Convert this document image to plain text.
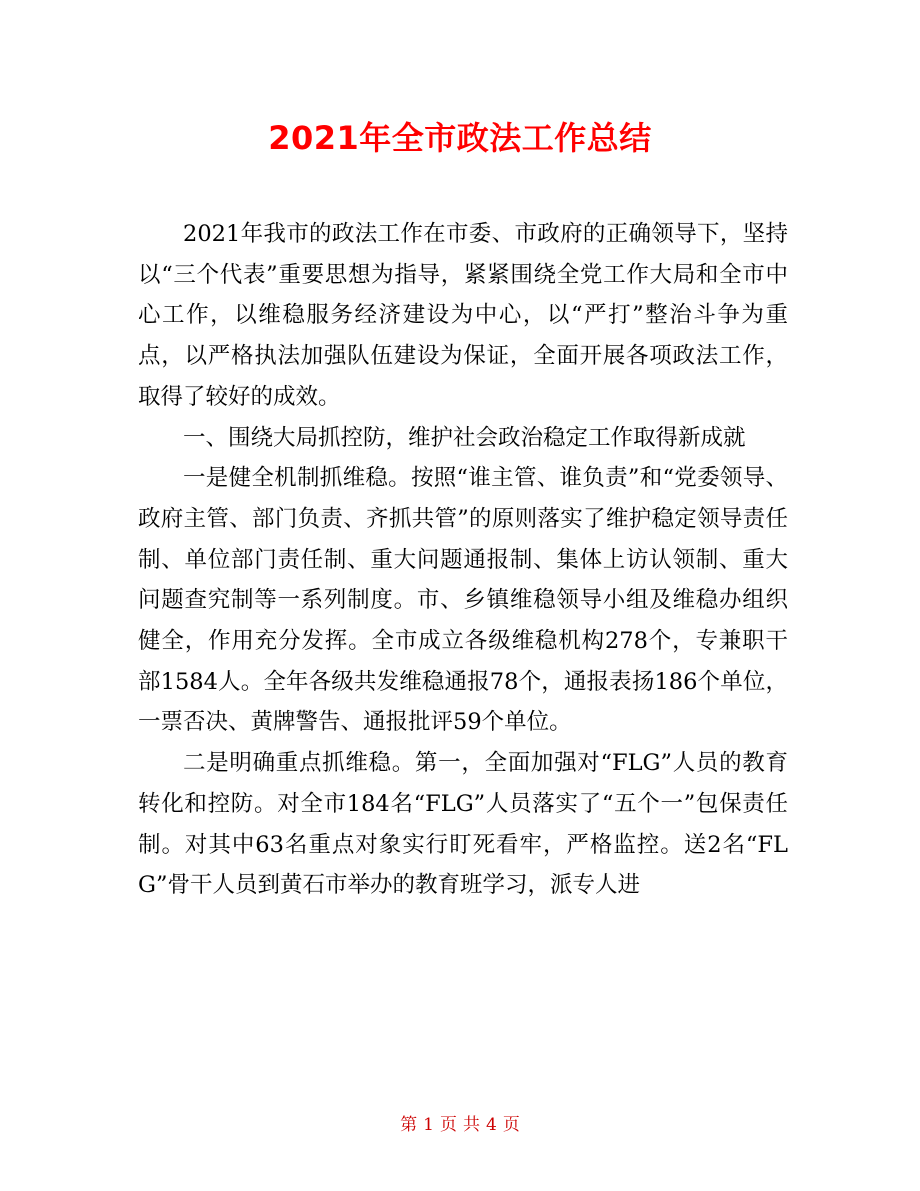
2021年全市政法工作总结

2021年我市的政法工作在市委、市政府的正确领导下，坚持以“三个代表”重要思想为指导，紧紧围绕全党工作大局和全市中心工作，以维稳服务经济建设为中心，以“严打”整治斗争为重点，以严格执法加强队伍建设为保证，全面开展各项政法工作，取得了较好的成效。

一、围绕大局抓控防，维护社会政治稳定工作取得新成就

一是健全机制抓维稳。按照“谁主管、谁负责”和“党委领导、政府主管、部门负责、齐抓共管”的原则落实了维护稳定领导责任制、单位部门责任制、重大问题通报制、集体上访认领制、重大问题查究制等一系列制度。市、乡镇维稳领导小组及维稳办组织健全，作用充分发挥。全市成立各级维稳机构278个，专兼职干部1584人。全年各级共发维稳通报78个，通报表扬186个单位，一票否决、黄牌警告、通报批评59个单位。

二是明确重点抓维稳。第一，全面加强对“FLG”人员的教育转化和控防。对全市184名“FLG”人员落实了“五个一”包保责任制。对其中63名重点对象实行盯死看牢，严格监控。送2名“FLG”骨干人员到黄石市举办的教育班学习，派专人进

第 1 页 共 4 页
